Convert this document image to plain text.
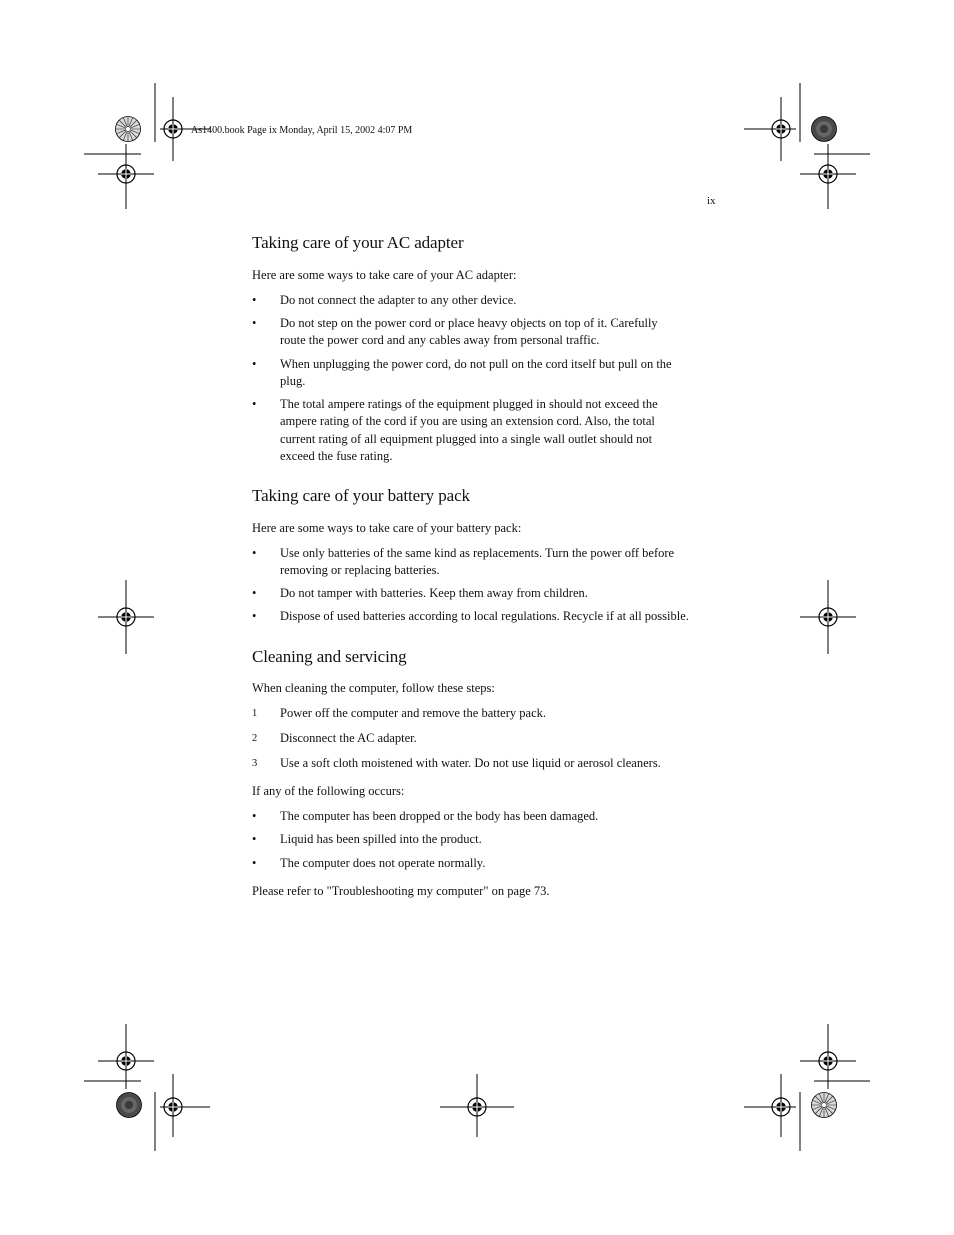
As1400.book Page ix Monday, April 15, 2002 4:07 PM
ix
Taking care of your AC adapter
Here are some ways to take care of your AC adapter:
•	Do not connect the adapter to any other device.
•	Do not step on the power cord or place heavy objects on top of it. Carefully
route the power cord and any cables away from personal traffic.
•	When unplugging the power cord, do not pull on the cord itself but pull on the
plug.
•	The total ampere ratings of the equipment plugged in should not exceed the
ampere rating of the cord if you are using an extension cord. Also, the total
current rating of all equipment plugged into a single wall outlet should not
exceed the fuse rating.
Taking care of your battery pack
Here are some ways to take care of your battery pack:
•	Use only batteries of the same kind as replacements. Turn the power off before
removing or replacing batteries.
•	Do not tamper with batteries. Keep them away from children.
•	Dispose of used batteries according to local regulations. Recycle if at all possible.
Cleaning and servicing
When cleaning the computer, follow these steps:
1	Power off the computer and remove the battery pack.
2	Disconnect the AC adapter.
3	Use a soft cloth moistened with water. Do not use liquid or aerosol cleaners.
If any of the following occurs:
•	The computer has been dropped or the body has been damaged.
•	Liquid has been spilled into the product.
•	The computer does not operate normally.
Please refer to "Troubleshooting my computer" on page 73.
